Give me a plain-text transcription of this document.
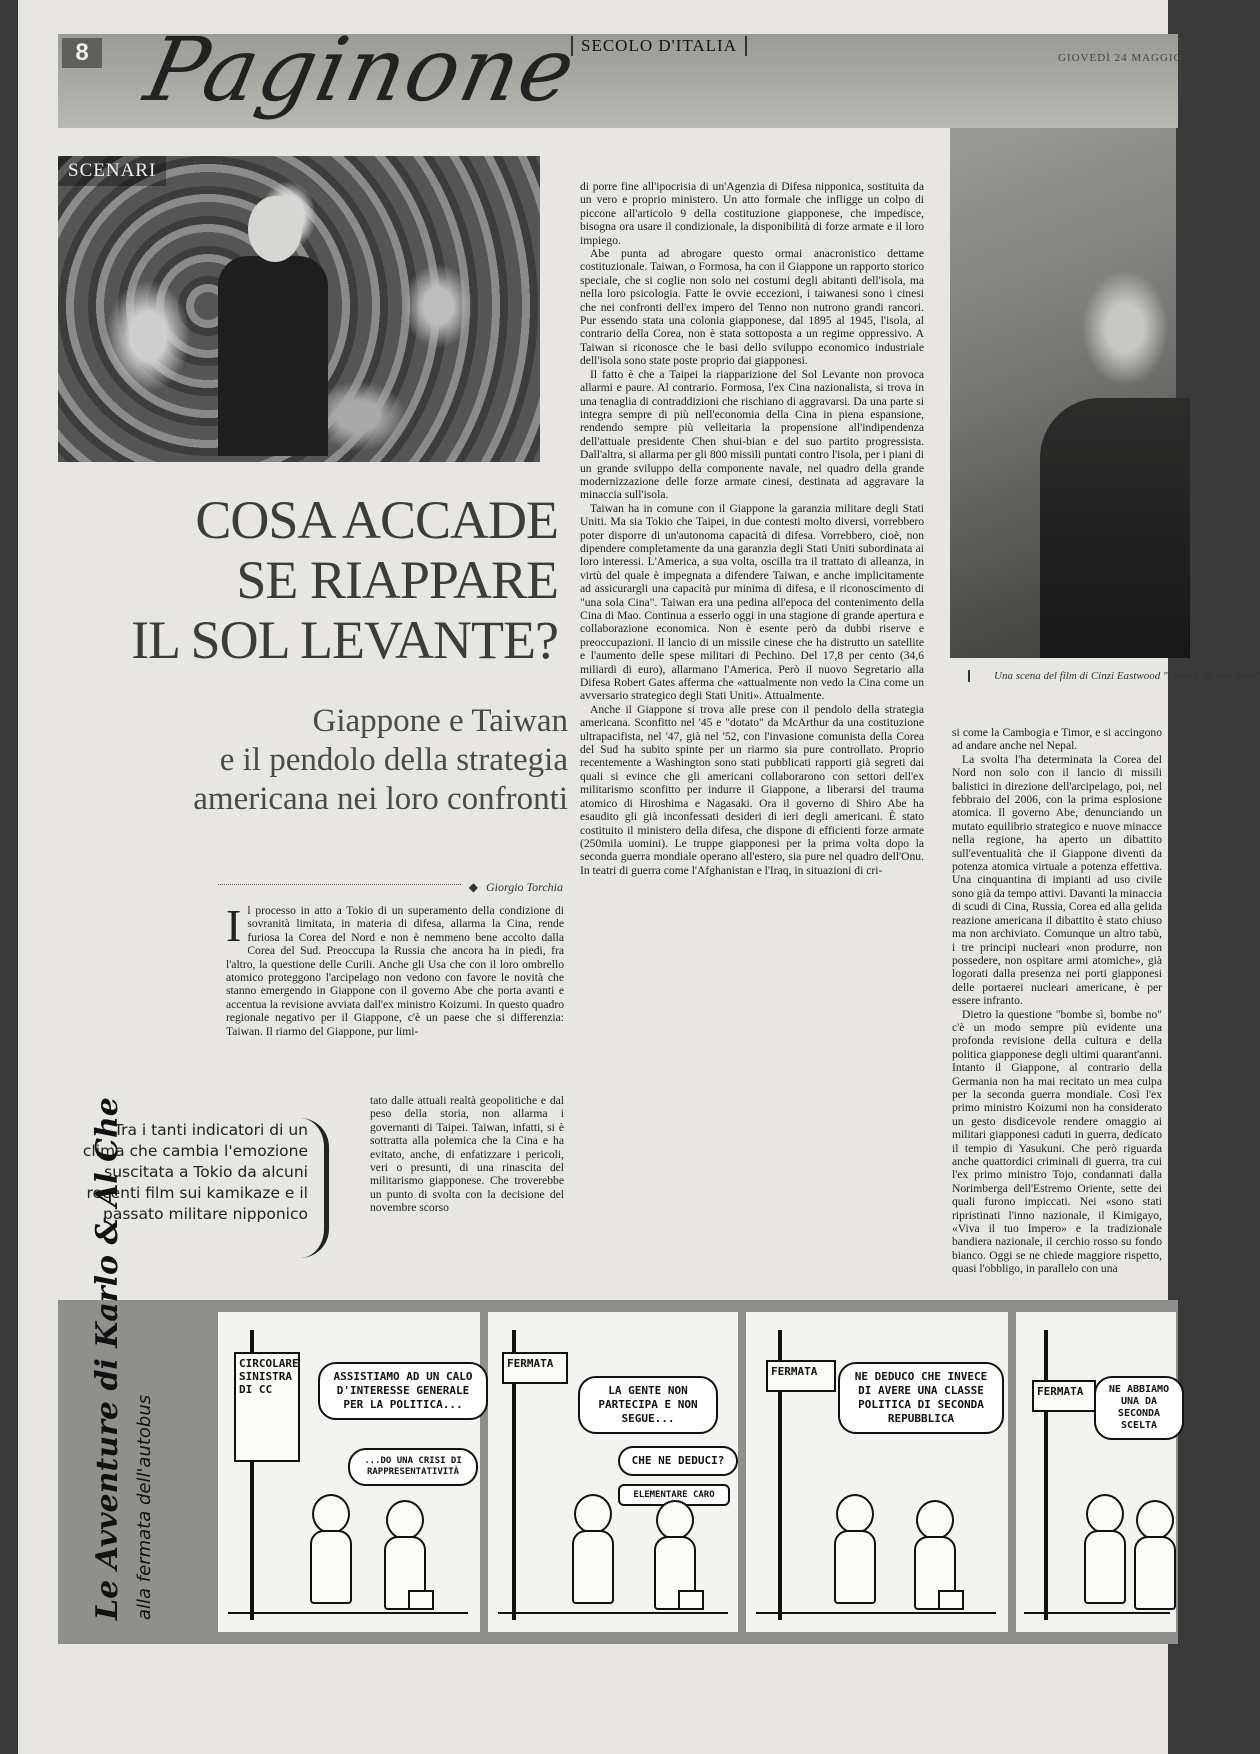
8 Paginone
SECOLO D'ITALIA
GIOVEDÌ 24 MAGGIO
SCENARI
COSA ACCADE
SE RIAPPARE
IL SOL LEVANTE?
Giappone e Taiwan
e il pendolo della strategia
americana nei loro confronti
◆ Giorgio Torchia

Il processo in atto a Tokio di un superamento della condizione di sovranità limitata, in materia di difesa, allarma la Cina, rende furiosa la Corea del Nord e non è nemmeno bene accolto dalla Corea del Sud. Preoccupa la Russia che ancora ha in piedi, fra l'altro, la questione delle Curili. Anche gli Usa che con il loro ombrello atomico proteggono l'arcipelago non vedono con favore le novità che stanno emergendo in Giappone con il governo Abe che porta avanti e accentua la revisione avviata dall'ex ministro Koizumi. In questo quadro regionale negativo per il Giappone, c'è un paese che si differenzia: Taiwan. Il riarmo del Giappone, pur limi-

tato dalle attuali realtà geopolitiche e dal peso della storia, non allarma i governanti di Taipei. Taiwan, infatti, si è sottratta alla polemica che la Cina e ha evitato, anche, di enfatizzare i pericoli, veri o presunti, di una rinascita del militarismo giapponese. Che troverebbe un punto di svolta con la decisione del novembre scorso

Tra i tanti indicatori di un clima che cambia l'emozione suscitata a Tokio da alcuni recenti film sui kamikaze e il passato militare nipponico

di porre fine all'ipocrisia di un'Agenzia di Difesa nipponica, sostituita da un vero e proprio ministero. Un atto formale che infligge un colpo di piccone all'articolo 9 della costituzione giapponese, che impedisce, bisogna ora usare il condizionale, la disponibilità di forze armate e il loro impiego.

Abe punta ad abrogare questo ormai anacronistico dettame costituzionale. Taiwan, o Formosa, ha con il Giappone un rapporto storico speciale, che si coglie non solo nei costumi degli abitanti dell'isola, ma nella loro psicologia. Fatte le ovvie eccezioni, i taiwanesi sono i cinesi che nei confronti dell'ex impero del Tenno non nutrono grandi rancori. Pur essendo stata una colonia giapponese, dal 1895 al 1945, l'isola, al contrario della Corea, non è stata sottoposta a un regime oppressivo. A Taiwan si riconosce che le basi dello sviluppo economico industriale dell'isola sono state poste proprio dai giapponesi.

Il fatto è che a Taipei la riapparizione del Sol Levante non provoca allarmi e paure. Al contrario. Formosa, l'ex Cina nazionalista, si trova in una tenaglia di contraddizioni che rischiano di aggravarsi. Da una parte si integra sempre di più nell'economia della Cina in piena espansione, rendendo sempre più velleitaria la propensione all'indipendenza dell'attuale presidente Chen shui-bian e del suo partito progressista. Dall'altra, si allarma per gli 800 missili puntati contro l'isola, per i piani di un grande sviluppo della componente navale, nel quadro della grande modernizzazione delle forze armate cinesi, destinata ad aggravare la minaccia sull'isola.

Taiwan ha in comune con il Giappone la garanzia militare degli Stati Uniti. Ma sia Tokio che Taipei, in due contesti molto diversi, vorrebbero poter disporre di un'autonoma capacità di difesa. Vorrebbero, cioè, non dipendere completamente da una garanzia degli Stati Uniti subordinata ai loro interessi. L'America, a sua volta, oscilla tra il trattato di alleanza, in virtù del quale è impegnata a difendere Taiwan, e anche implicitamente ad assicurargli una capacità pur minima di difesa, e il riconoscimento di "una sola Cina". Taiwan era una pedina all'epoca del contenimento della Cina di Mao. Continua a esserlo oggi in una stagione di grande apertura e collaborazione economica. Non è esente però da dubbi riserve e preoccupazioni. Il lancio di un missile cinese che ha distrutto un satellite e l'aumento delle spese militari di Pechino. Del 17,8 per cento (34,6 miliardi di euro), allarmano l'America. Però il nuovo Segretario alla Difesa Robert Gates afferma che «attualmente non vedo la Cina come un avversario strategico degli Stati Uniti». Attualmente.

Anche il Giappone si trova alle prese con il pendolo della strategia americana. Sconfitto nel '45 e "dotato" da McArthur da una costituzione ultrapacifista, nel '47, già nel '52, con l'invasione comunista della Corea del Sud ha subito spinte per un riarmo sia pure controllato. Proprio recentemente a Washington sono stati pubblicati rapporti già segreti dai quali si evince che gli americani collaborarono con settori dell'ex militarismo sconfitto per indurre il Giappone, a liberarsi del trauma atomico di Hiroshima e Nagasaki. Ora il governo di Shiro Abe ha esaudito gli già inconfessati desideri di ieri degli americani. È stato costituito il ministero della difesa, che dispone di efficienti forze armate (250mila uomini). Le truppe giapponesi per la prima volta dopo la seconda guerra mondiale operano all'estero, sia pure nel quadro dell'Onu. In teatri di guerra come l'Afghanistan e l'Iraq, in situazioni di cri-

Una scena del film di Cinzi Eastwood "Lettere da Iwo Jima"

si come la Cambogia e Timor, e si accingono ad andare anche nel Nepal.

La svolta l'ha determinata la Corea del Nord non solo con il lancio di missili balistici in direzione dell'arcipelago, poi, nel febbraio del 2006, con la prima esplosione atomica. Il governo Abe, denunciando un mutato equilibrio strategico e nuove minacce nella regione, ha aperto un dibattito sull'eventualità che il Giappone diventi da potenza atomica virtuale a potenza effettiva. Una cinquantina di impianti ad uso civile sono già da tempo attivi. Davanti la minaccia di scudi di Cina, Russia, Corea ed alla gelida reazione americana il dibattito è stato chiuso ma non archiviato. Comunque un altro tabù, i tre principi nucleari «non produrre, non possedere, non ospitare armi atomiche», già logorati dalla presenza nei porti giapponesi delle portaerei nucleari americane, è per essere infranto.

Dietro la questione "bombe sì, bombe no" c'è un modo sempre più evidente una profonda revisione della cultura e della politica giapponese degli ultimi quarant'anni. Intanto il Giappone, al contrario della Germania non ha mai recitato un mea culpa per la seconda guerra mondiale. Così l'ex primo ministro Koizumi non ha considerato un gesto disdicevole rendere omaggio ai militari giapponesi caduti in guerra, dedicato il tempio di Yasukuni. Che però riguarda anche quattordici criminali di guerra, tra cui l'ex primo ministro Tojo, condannati dalla Norimberga dell'Estremo Oriente, sette dei quali furono impiccati. Nei «sono stati ripristinati l'inno nazionale, il Kimigayo, «Viva il tuo Impero» e la tradizionale bandiera nazionale, il cerchio rosso su fondo bianco. Oggi se ne chiede maggiore rispetto, quasi l'obbligo, in parallelo con una

Le Avventure di Karlo & Al Che alla fermata dell'autobus
CIRCOLARE SINISTRA DI CC
ASSISTIAMO AD UN CALO D'INTERESSE GENERALE PER LA POLITICA...
...DO UNA CRISI DI RAPPRESENTATIVITÀ
FERMATA
LA GENTE NON PARTECIPA E NON SEGUE...
CHE NE DEDUCI?
ELEMENTARE CARO
FERMATA	NE DEDUCO CHE INVECE DI AVERE UNA CLASSE POLITICA DI SECONDA REPUBBLICA
FERMATA	NE ABBIAMO UNA DA SECONDA SCELTA
